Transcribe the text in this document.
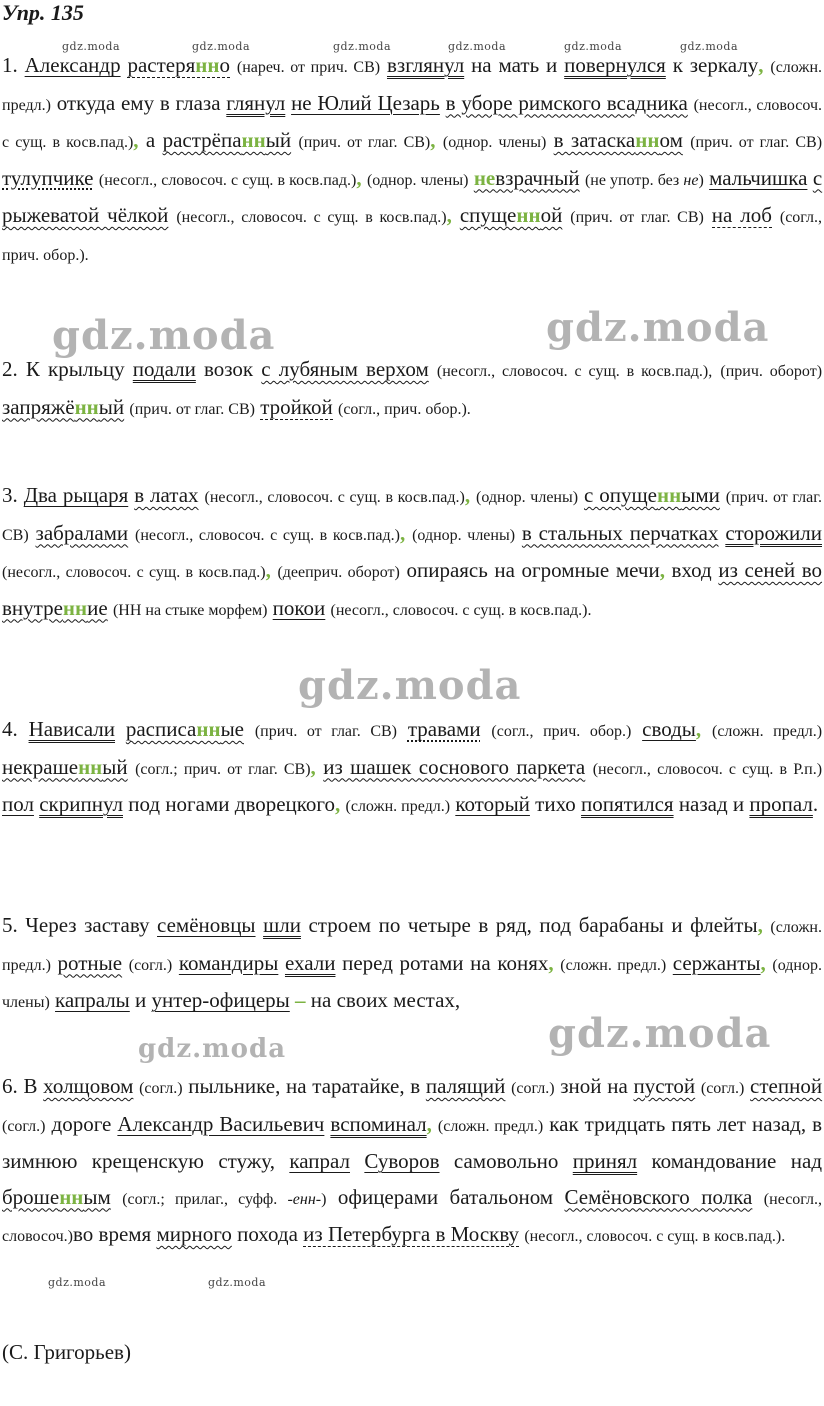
Упр. 135
gdz.moda	gdz.moda	gdz.moda	gdz.moda	gdz.moda	gdz.moda
1. Александр растерянно (нареч. от прич. СВ) взглянул на мать и повернулся к зеркалу, (сложн. предл.) откуда ему в глаза глянул не Юлий Цезарь в уборе римского всадника (несогл., словосоч. с сущ. в косв.пад.), а растрёпанный (прич. от глаг. СВ), (однор. члены) в затасканном (прич. от глаг. СВ) тулупчике (несогл., словосоч. с сущ. в косв.пад.), (однор. члены) невзрачный (не употр. без не) мальчишка с рыжеватой чёлкой (несогл., словосоч. с сущ. в косв.пад.), спущенной (прич. от глаг. СВ) на лоб (согл., прич. обор.).
gdz.moda	gdz.moda
2. К крыльцу подали возок с лубяным верхом (несогл., словосоч. с сущ. в косв.пад.), (прич. оборот) запряжённый (прич. от глаг. СВ) тройкой (согл., прич. обор.).
3. Два рыцаря в латах (несогл., словосоч. с сущ. в косв.пад.), (однор. члены) с опущенными (прич. от глаг. СВ) забралами (несогл., словосоч. с сущ. в косв.пад.), (однор. члены) в стальных перчатках сторожили (несогл., словосоч. с сущ. в косв.пад.), (дееприч. оборот) опираясь на огромные мечи, вход из сеней во внутренние (НН на стыке морфем) покои (несогл., словосоч. с сущ. в косв.пад.).
gdz.moda
4. Нависали расписанные (прич. от глаг. СВ) травами (согл., прич. обор.) своды, (сложн. предл.) некрашенный (согл.; прич. от глаг. СВ), из шашек соснового паркета (несогл., словосоч. с сущ. в Р.п.) пол скрипнул под ногами дворецкого, (сложн. предл.) который тихо попятился назад и пропал.
5. Через заставу семёновцы шли строем по четыре в ряд, под барабаны и флейты, (сложн. предл.) ротные (согл.) командиры ехали перед ротами на конях, (сложн. предл.) сержанты, (однор. члены) капралы и унтер-офицеры – на своих местах,
gdz.moda
gdz.moda
6. В холщовом (согл.) пыльнике, на таратайке, в палящий (согл.) зной на пустой (согл.) степной (согл.) дороге Александр Васильевич вспоминал, (сложн. предл.) как тридцать пять лет назад, в зимнюю крещенскую стужу, капрал Суворов самовольно принял командование над брошенным (согл.; прилаг., суфф. -енн-) офицерами батальоном Семёновского полка (несогл., словосоч.)во время мирного похода из Петербурга в Москву (несогл., словосоч. с сущ. в косв.пад.).
gdz.moda	gdz.moda
(С. Григорьев)
